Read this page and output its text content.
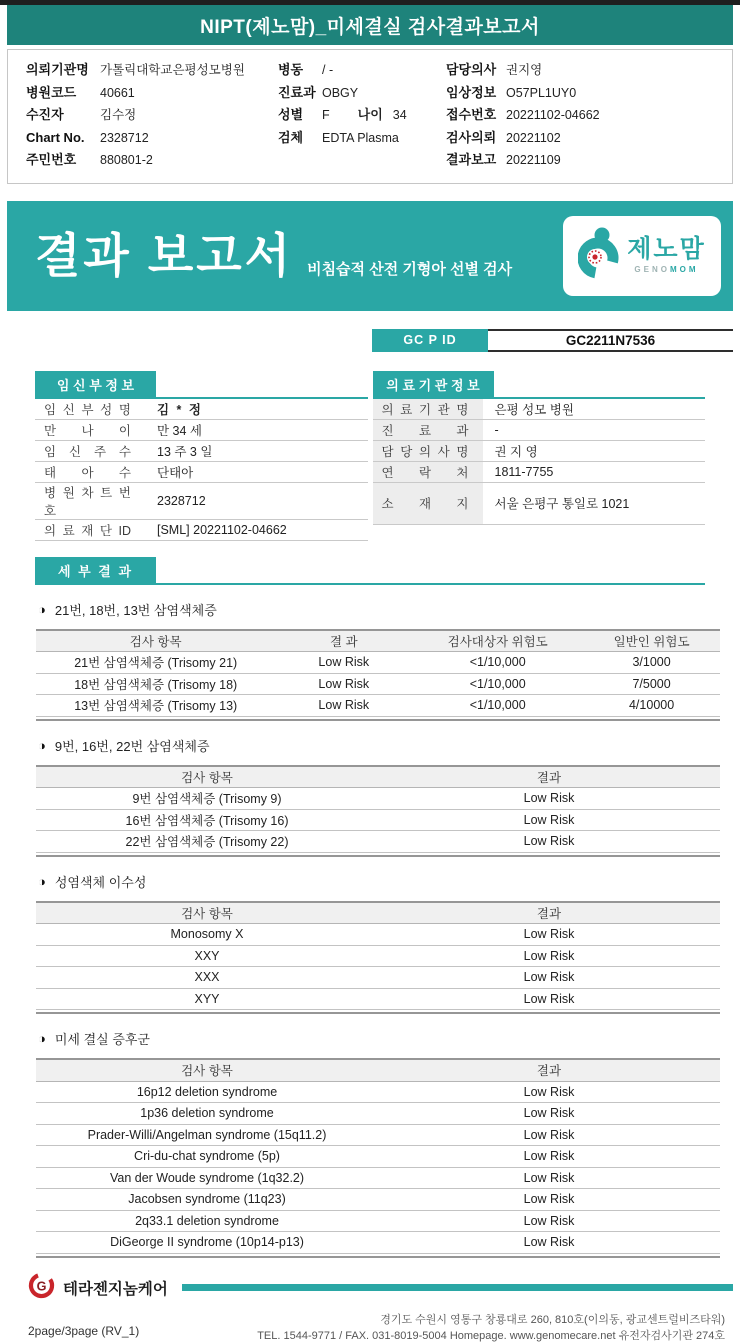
NIPT(제노맘)_미세결실 검사결과보고서
의뢰기관명 가톨릭대학교은평성모병원
병원코드 40661
수진자	김수정
Chart No. 2328712
주민번호 880801-2
병동 / -
진료과 OBGY
성별 F 나이 34
검체 EDTA Plasma
담당의사 권지영
임상정보 O57PL1UY0
접수번호 20221102-04662
검사의뢰 20221102
결과보고 20221109
결과 보고서 비침습적 산전 기형아 선별 검사
제노맘
GENOMOM
GC P ID	GC2211N7536
임 신 부 정 보
임 신 부 성 명	김 * 정
만 나 이	만 34 세
임 신 주 수	13 주 3 일
태 아 수	단태아
병 원 차 트 번 호
2328712
의 료 재 단 ID	[SML] 20221102-04662
의 료 기 관 정 보
의 료 기 관 명	은평 성모 병원
진 료 과	-
담 당 의 사 명	권 지 영
연 락 처	1811-7755
소 재 지	서울 은평구 통일로 1021
세 부 결 과
◑ 21번, 18번, 13번 삼염색체증
검사 항목	결 과	검사대상자 위험도	일반인 위험도
21번 삼염색체증 (Trisomy 21)	Low Risk	<1/10,000	3/1000
18번 삼염색체증 (Trisomy 18)	Low Risk	<1/10,000	7/5000
13번 삼염색체증 (Trisomy 13)	Low Risk	<1/10,000	4/10000
◑ 9번, 16번, 22번 삼염색체증
검사 항목	결과
9번 삼염색체증 (Trisomy 9)	Low Risk
16번 삼염색체증 (Trisomy 16)	Low Risk
22번 삼염색체증 (Trisomy 22)	Low Risk
◑ 성염색체 이수성
검사 항목	결과
Monosomy X	Low Risk
XXY	Low Risk
XXX	Low Risk
XYY	Low Risk
◑ 미세 결실 증후군
검사 항목	결과
16p12 deletion syndrome	Low Risk
1p36 deletion syndrome	Low Risk
Prader-Willi/Angelman syndrome (15q11.2)	Low Risk
Cri-du-chat syndrome (5p)	Low Risk
Van der Woude syndrome (1q32.2)	Low Risk
Jacobsen syndrome (11q23)	Low Risk
2q33.1 deletion syndrome	Low Risk
DiGeorge II syndrome (10p14-p13)	Low Risk
G 테라젠지놈케어
2page/3page (RV_1)
경기도 수원시 영통구 창룡대로 260, 810호(이의동, 광교센트럴비즈타워)
TEL. 1544-9771 / FAX. 031-8019-5004 Homepage. www.genomecare.net 유전자검사기관 274호
